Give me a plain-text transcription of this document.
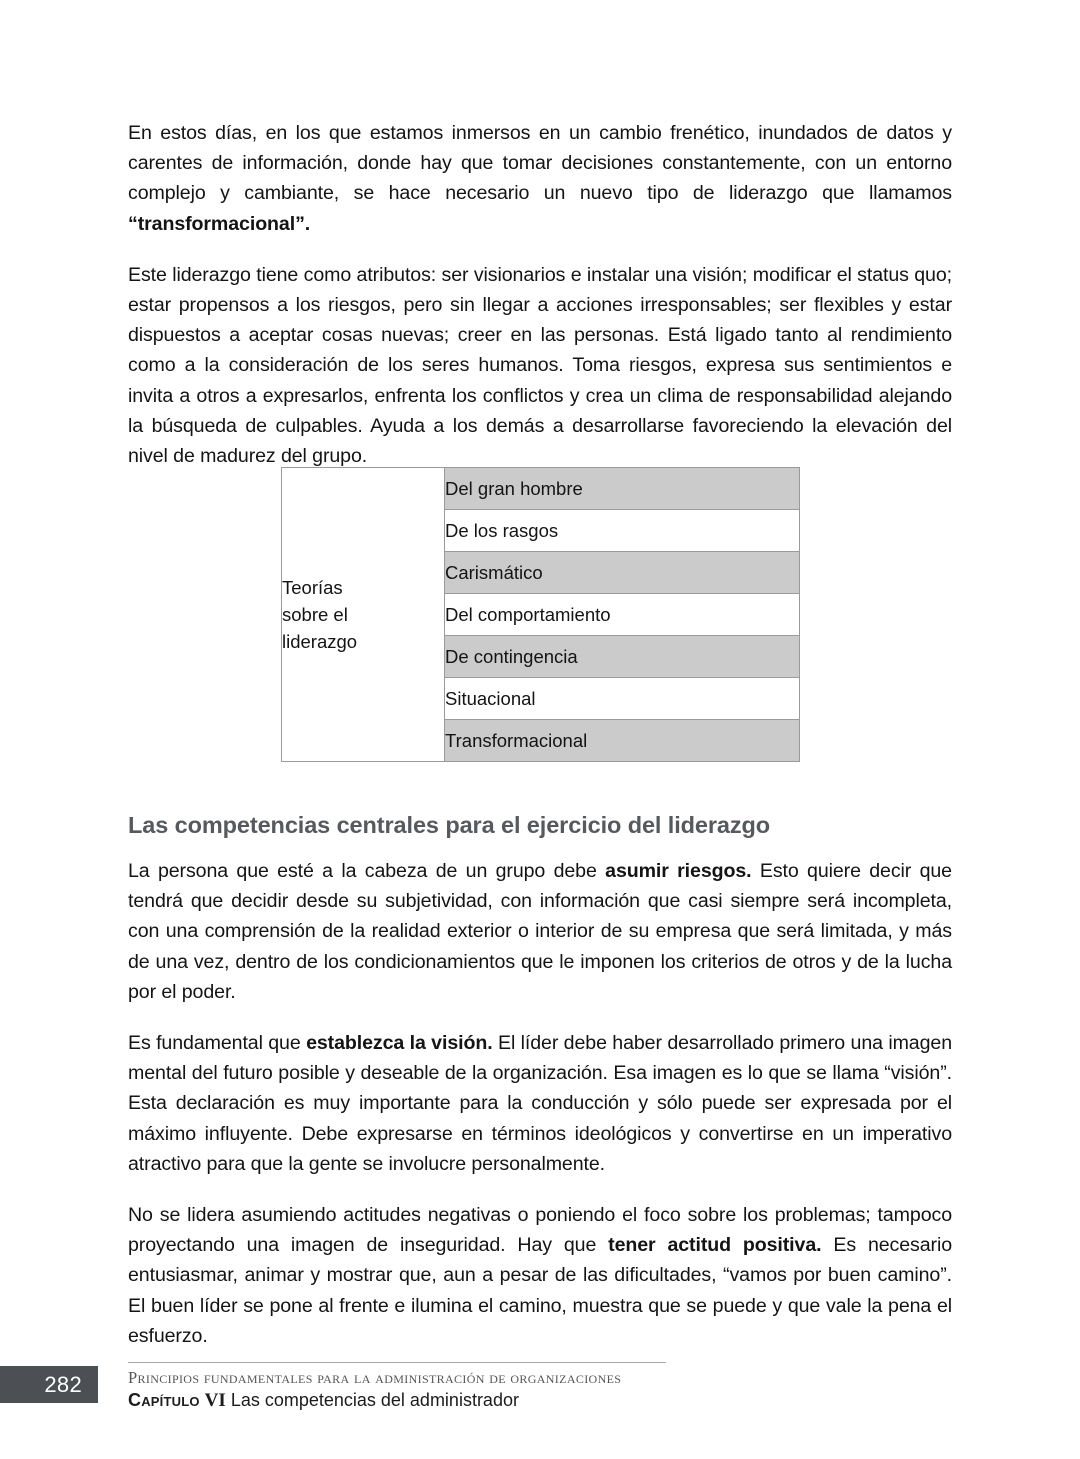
En estos días, en los que estamos inmersos en un cambio frenético, inundados de datos y carentes de información, donde hay que tomar decisiones constantemente, con un entorno complejo y cambiante, se hace necesario un nuevo tipo de liderazgo que llamamos “transformacional”.

Este liderazgo tiene como atributos: ser visionarios e instalar una visión; modificar el status quo; estar propensos a los riesgos, pero sin llegar a acciones irresponsables; ser flexibles y estar dispuestos a aceptar cosas nuevas; creer en las personas. Está ligado tanto al rendimiento como a la consideración de los seres humanos. Toma riesgos, expresa sus sentimientos e invita a otros a expresarlos, enfrenta los conflictos y crea un clima de responsabilidad alejando la búsqueda de culpables. Ayuda a los demás a desarrollarse favoreciendo la elevación del nivel de madurez del grupo.

Teorías
sobre el
liderazgo	Del gran hombre
De los rasgos
Carismático
Del comportamiento
De contingencia
Situacional
Transformacional
Las competencias centrales para el ejercicio del liderazgo

La persona que esté a la cabeza de un grupo debe asumir riesgos. Esto quiere decir que tendrá que decidir desde su subjetividad, con información que casi siempre será incompleta, con una comprensión de la realidad exterior o interior de su empresa que será limitada, y más de una vez, dentro de los condicionamientos que le imponen los criterios de otros y de la lucha por el poder.

Es fundamental que establezca la visión. El líder debe haber desarrollado primero una imagen mental del futuro posible y deseable de la organización. Esa imagen es lo que se llama “visión”. Esta declaración es muy importante para la conducción y sólo puede ser expresada por el máximo influyente. Debe expresarse en términos ideológicos y convertirse en un imperativo atractivo para que la gente se involucre personalmente.

No se lidera asumiendo actitudes negativas o poniendo el foco sobre los problemas; tampoco proyectando una imagen de inseguridad. Hay que tener actitud positiva. Es necesario entusiasmar, animar y mostrar que, aun a pesar de las dificultades, “vamos por buen camino”. El buen líder se pone al frente e ilumina el camino, muestra que se puede y que vale la pena el esfuerzo.

282	Principios fundamentales para la administración de organizaciones
Capítulo VI Las competencias del administrador
